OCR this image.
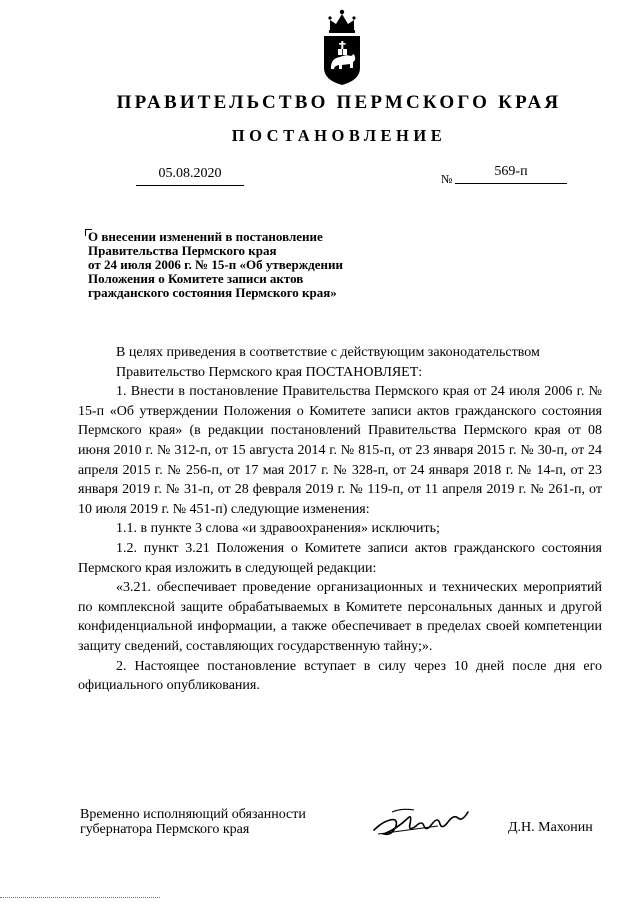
ПРАВИТЕЛЬСТВО ПЕРМСКОГО КРАЯ
ПОСТАНОВЛЕНИЕ
05.08.2020	№	569-п
О внесении изменений в постановление
Правительства Пермского края
от 24 июля 2006 г. № 15-п «Об утверждении
Положения о Комитете записи актов
гражданского состояния Пермского края»

В целях приведения в соответствие с действующим законодательством

Правительство Пермского края ПОСТАНОВЛЯЕТ:

1. Внести в постановление Правительства Пермского края от 24 июля 2006 г. № 15-п «Об утверждении Положения о Комитете записи актов гражданского состояния Пермского края» (в редакции постановлений Правительства Пермского края от 08 июня 2010 г. № 312-п, от 15 августа 2014 г. № 815-п, от 23 января 2015 г. № 30-п, от 24 апреля 2015 г. № 256-п, от 17 мая 2017 г. № 328-п, от 24 января 2018 г. № 14-п, от 23 января 2019 г. № 31-п, от 28 февраля 2019 г. № 119-п, от 11 апреля 2019 г. № 261-п, от 10 июля 2019 г. № 451-п) следующие изменения:

1.1. в пункте 3 слова «и здравоохранения» исключить;

1.2. пункт 3.21 Положения о Комитете записи актов гражданского состояния Пермского края изложить в следующей редакции:

«3.21. обеспечивает проведение организационных и технических мероприятий по комплексной защите обрабатываемых в Комитете персональных данных и другой конфиденциальной информации, а также обеспечивает в пределах своей компетенции защиту сведений, составляющих государственную тайну;».

2. Настоящее постановление вступает в силу через 10 дней после дня его официального опубликования.

Временно исполняющий обязанности
губернатора Пермского края	Д.Н. Махонин
